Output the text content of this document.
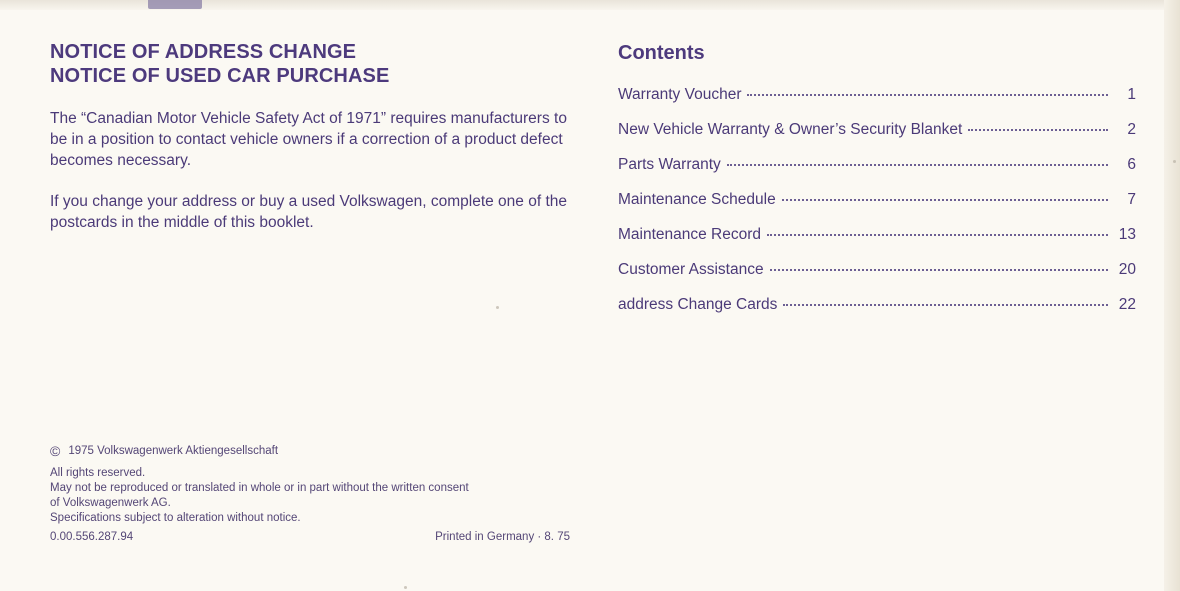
NOTICE OF ADDRESS CHANGE
NOTICE OF USED CAR PURCHASE

The “Canadian Motor Vehicle Safety Act of 1971” requires manufacturers to be in a position to contact vehicle owners if a correction of a product defect becomes necessary.

If you change your address or buy a used Volkswagen, complete one of the postcards in the middle of this booklet.

© 1975 Volkswagenwerk Aktiengesellschaft
All rights reserved.
May not be reproduced or translated in whole or in part without the written consent
of Volkswagenwerk AG.
Specifications subject to alteration without notice.
0.00.556.287.94	Printed in Germany · 8. 75
Contents
Warranty Voucher	1
New Vehicle Warranty & Owner’s Security Blanket	2
Parts Warranty	6
Maintenance Schedule	7
Maintenance Record	13
Customer Assistance	20
address Change Cards	22
